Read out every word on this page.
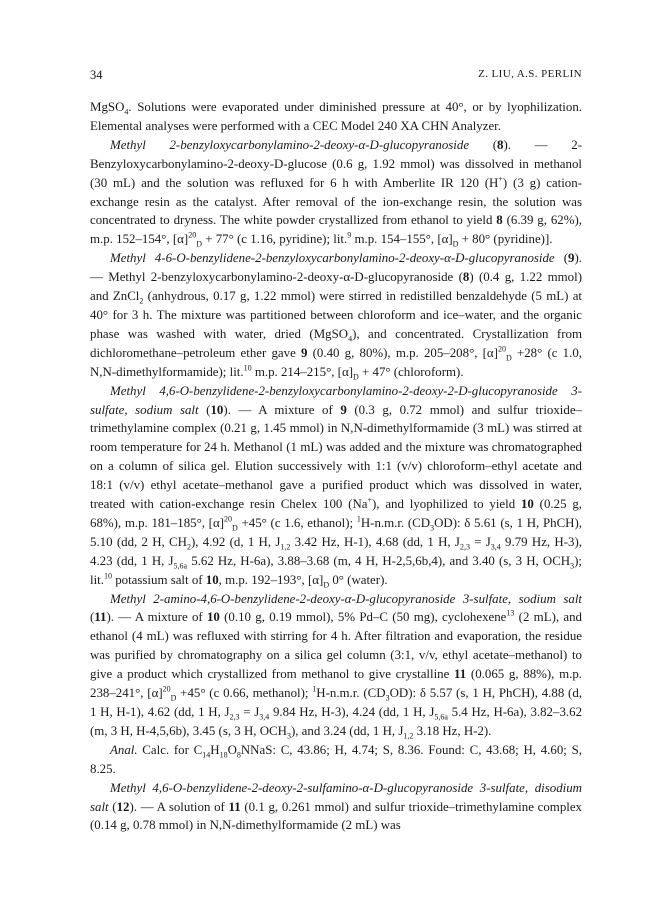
34	Z. LIU, A.S. PERLIN

MgSO$_4$. Solutions were evaporated under diminished pressure at 40°, or by lyophilization. Elemental analyses were performed with a CEC Model 240 XA CHN Analyzer.

Methyl 2-benzyloxycarbonylamino-2-deoxy-α-D-glucopyranoside (8). — 2-Benzyloxycarbonylamino-2-deoxy-D-glucose (0.6 g, 1.92 mmol) was dissolved in methanol (30 mL) and the solution was refluxed for 6 h with Amberlite IR 120 (H+) (3 g) cation-exchange resin as the catalyst. After removal of the ion-exchange resin, the solution was concentrated to dryness. The white powder crystallized from ethanol to yield 8 (6.39 g, 62%), m.p. 152–154°, $[\alpha]^{20}_D + 77^\circ$ (c 1.16, pyridine); lit.$^9$ m.p. 154–155°, $[\alpha]_D + 80^\circ$ (pyridine)].

Methyl 4-6-O-benzylidene-2-benzyloxycarbonylamino-2-deoxy-α-D-glucopyranoside (9). — Methyl 2-benzyloxycarbonylamino-2-deoxy-α-D-glucopyranoside (8) (0.4 g, 1.22 mmol) and ZnCl$_2$ (anhydrous, 0.17 g, 1.22 mmol) were stirred in redistilled benzaldehyde (5 mL) at 40° for 3 h. The mixture was partitioned between chloroform and ice–water, and the organic phase was washed with water, dried (MgSO$_4$), and concentrated. Crystallization from dichloromethane–petroleum ether gave 9 (0.40 g, 80%), m.p. 205–208°, $[\alpha]^{20}_D +28^\circ$ (c 1.0, N,N-dimethylformamide); lit.$^{10}$ m.p. 214–215°, $[\alpha]_D + 47^\circ$ (chloroform).

Methyl 4,6-O-benzylidene-2-benzyloxycarbonylamino-2-deoxy-2-D-glucopyranoside 3-sulfate, sodium salt (10). — A mixture of 9 (0.3 g, 0.72 mmol) and sulfur trioxide–trimethylamine complex (0.21 g, 1.45 mmol) in N,N-dimethylformamide (3 mL) was stirred at room temperature for 24 h. Methanol (1 mL) was added and the mixture was chromatographed on a column of silica gel. Elution successively with 1:1 (v/v) chloroform–ethyl acetate and 18:1 (v/v) ethyl acetate–methanol gave a purified product which was dissolved in water, treated with cation-exchange resin Chelex 100 (Na+), and lyophilized to yield 10 (0.25 g, 68%), m.p. 181–185°, $[\alpha]^{20}_D +45^\circ$ (c 1.6, ethanol); $^1$H-n.m.r. $(CD_3OD)$: δ 5.61 (s, 1 H, PhCH), 5.10 (dd, 2 H, $CH_2$), 4.92 (d, 1 H, $J_{1,2}$ 3.42 Hz, H-1), 4.68 (dd, 1 H, $J_{2,3} = J_{3,4}$ 9.79 Hz, H-3), 4.23 (dd, 1 H, $J_{5,6a}$ 5.62 Hz, H-6a), 3.88–3.68 (m, 4 H, H-2,5,6b,4), and 3.40 (s, 3 H, $OCH_3$); lit.$^{10}$ potassium salt of 10, m.p. 192–193°, $[\alpha]_D$ 0° (water).

Methyl 2-amino-4,6-O-benzylidene-2-deoxy-α-D-glucopyranoside 3-sulfate, sodium salt (11). — A mixture of 10 (0.10 g, 0.19 mmol), 5% Pd–C (50 mg), cyclohexene$^{13}$ (2 mL), and ethanol (4 mL) was refluxed with stirring for 4 h. After filtration and evaporation, the residue was purified by chromatography on a silica gel column (3:1, v/v, ethyl acetate–methanol) to give a product which crystallized from methanol to give crystalline 11 (0.065 g, 88%), m.p. 238–241°, $[\alpha]^{20}_D +45^\circ$ (c 0.66, methanol); $^1$H-n.m.r. $(CD_3OD)$: δ 5.57 (s, 1 H, PhCH), 4.88 (d, 1 H, H-1), 4.62 (dd, 1 H, $J_{2,3} = J_{3,4}$ 9.84 Hz, H-3), 4.24 (dd, 1 H, $J_{5,6a}$ 5.4 Hz, H-6a), 3.82–3.62 (m, 3 H, H-4,5,6b), 3.45 (s, 3 H, $OCH_3$), and 3.24 (dd, 1 H, $J_{1,2}$ 3.18 Hz, H-2).

Anal. Calc. for $C_{14}H_{18}O_8NNaS$: C, 43.86; H, 4.74; S, 8.36. Found: C, 43.68; H, 4.60; S, 8.25.

Methyl 4,6-O-benzylidene-2-deoxy-2-sulfamino-α-D-glucopyranoside 3-sulfate, disodium salt (12). — A solution of 11 (0.1 g, 0.261 mmol) and sulfur trioxide–trimethylamine complex (0.14 g, 0.78 mmol) in N,N-dimethylformamide (2 mL) was
